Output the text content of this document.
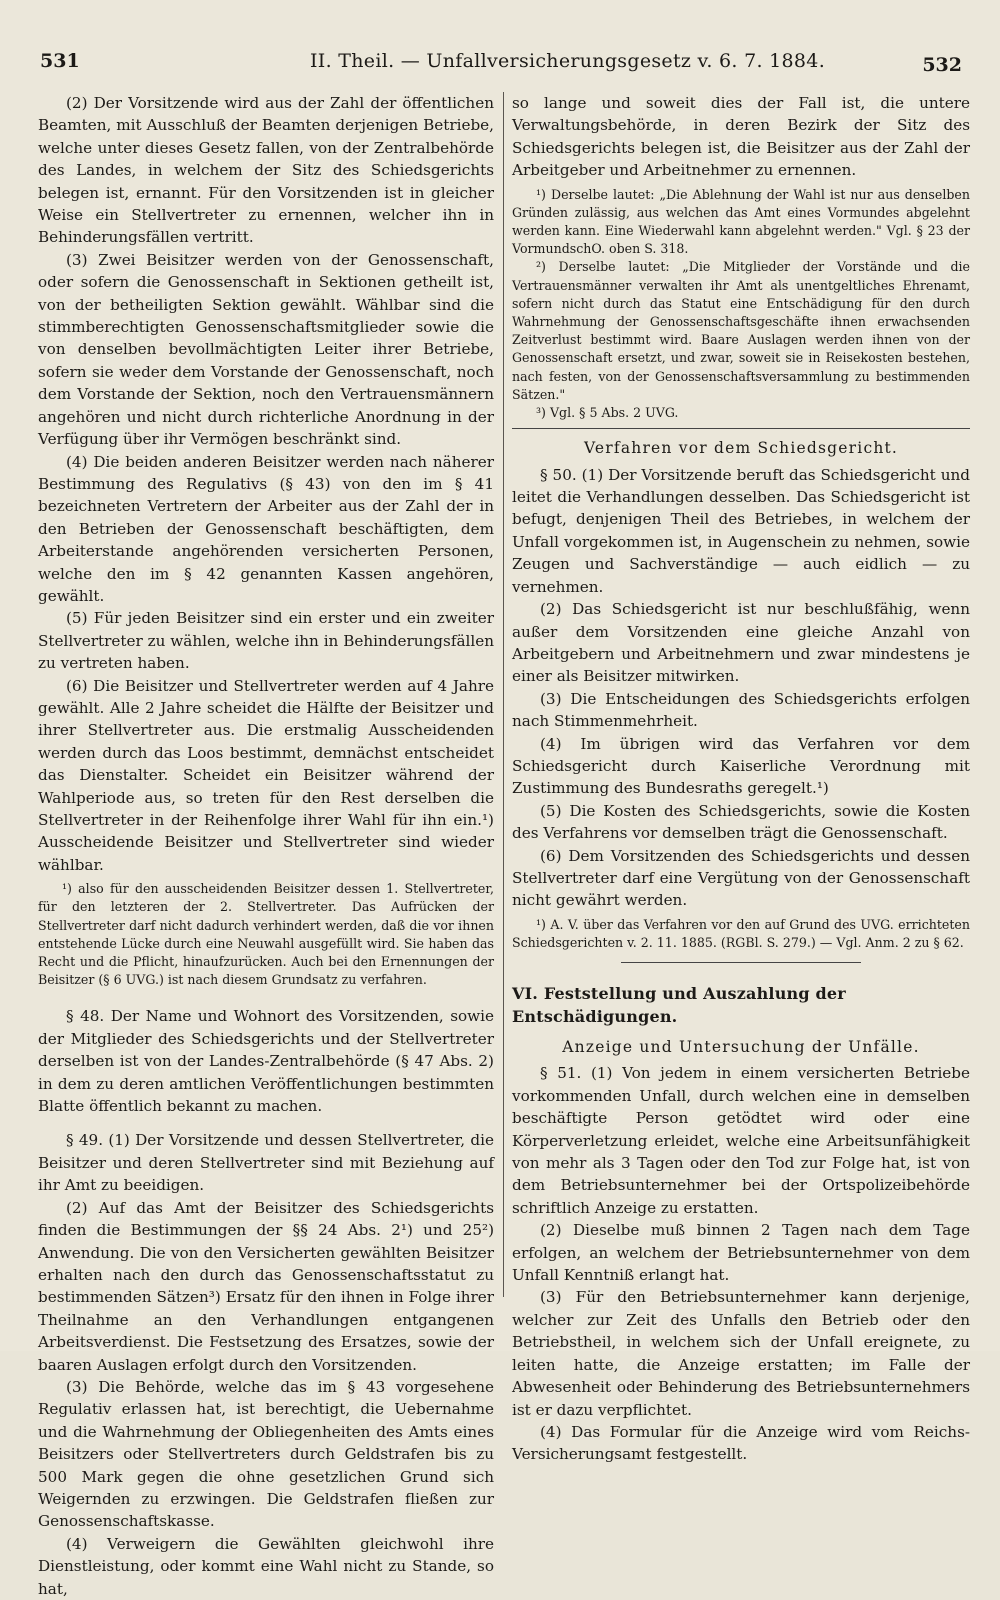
531	II. Theil. — Unfallversicherungsgesetz v. 6. 7. 1884.	532

(2) Der Vorsitzende wird aus der Zahl der öffentlichen Beamten, mit Ausschluß der Beamten derjenigen Betriebe, welche unter dieses Gesetz fallen, von der Zentralbehörde des Landes, in welchem der Sitz des Schiedsgerichts belegen ist, ernannt. Für den Vorsitzenden ist in gleicher Weise ein Stellvertreter zu ernennen, welcher ihn in Behinderungsfällen vertritt.

(3) Zwei Beisitzer werden von der Genossenschaft, oder sofern die Genossenschaft in Sektionen getheilt ist, von der betheiligten Sektion gewählt. Wählbar sind die stimmberechtigten Genossenschaftsmitglieder sowie die von denselben bevollmächtigten Leiter ihrer Betriebe, sofern sie weder dem Vorstande der Genossenschaft, noch dem Vorstande der Sektion, noch den Vertrauensmännern angehören und nicht durch richterliche Anordnung in der Verfügung über ihr Vermögen beschränkt sind.

(4) Die beiden anderen Beisitzer werden nach näherer Bestimmung des Regulativs (§ 43) von den im § 41 bezeichneten Vertretern der Arbeiter aus der Zahl der in den Betrieben der Genossenschaft beschäftigten, dem Arbeiterstande angehörenden versicherten Personen, welche den im § 42 genannten Kassen angehören, gewählt.

(5) Für jeden Beisitzer sind ein erster und ein zweiter Stellvertreter zu wählen, welche ihn in Behinderungsfällen zu vertreten haben.

(6) Die Beisitzer und Stellvertreter werden auf 4 Jahre gewählt. Alle 2 Jahre scheidet die Hälfte der Beisitzer und ihrer Stellvertreter aus. Die erstmalig Ausscheidenden werden durch das Loos bestimmt, demnächst entscheidet das Dienstalter. Scheidet ein Beisitzer während der Wahlperiode aus, so treten für den Rest derselben die Stellvertreter in der Reihenfolge ihrer Wahl für ihn ein.¹) Ausscheidende Beisitzer und Stellvertreter sind wieder wählbar.

¹) also für den ausscheidenden Beisitzer dessen 1. Stellvertreter, für den letzteren der 2. Stellvertreter. Das Aufrücken der Stellvertreter darf nicht dadurch verhindert werden, daß die vor ihnen entstehende Lücke durch eine Neuwahl ausgefüllt wird. Sie haben das Recht und die Pflicht, hinaufzurücken. Auch bei den Ernennungen der Beisitzer (§ 6 UVG.) ist nach diesem Grundsatz zu verfahren.

§ 48. Der Name und Wohnort des Vorsitzenden, sowie der Mitglieder des Schiedsgerichts und der Stellvertreter derselben ist von der Landes-Zentralbehörde (§ 47 Abs. 2) in dem zu deren amtlichen Veröffentlichungen bestimmten Blatte öffentlich bekannt zu machen.

§ 49. (1) Der Vorsitzende und dessen Stellvertreter, die Beisitzer und deren Stellvertreter sind mit Beziehung auf ihr Amt zu beeidigen.

(2) Auf das Amt der Beisitzer des Schiedsgerichts finden die Bestimmungen der §§ 24 Abs. 2¹) und 25²) Anwendung. Die von den Versicherten gewählten Beisitzer erhalten nach den durch das Genossenschaftsstatut zu bestimmenden Sätzen³) Ersatz für den ihnen in Folge ihrer Theilnahme an den Verhandlungen entgangenen Arbeitsverdienst. Die Festsetzung des Ersatzes, sowie der baaren Auslagen erfolgt durch den Vorsitzenden.

(3) Die Behörde, welche das im § 43 vorgesehene Regulativ erlassen hat, ist berechtigt, die Uebernahme und die Wahrnehmung der Obliegenheiten des Amts eines Beisitzers oder Stellvertreters durch Geldstrafen bis zu 500 Mark gegen die ohne gesetzlichen Grund sich Weigernden zu erzwingen. Die Geldstrafen fließen zur Genossenschaftskasse.

(4) Verweigern die Gewählten gleichwohl ihre Dienstleistung, oder kommt eine Wahl nicht zu Stande, so hat,

so lange und soweit dies der Fall ist, die untere Verwaltungsbehörde, in deren Bezirk der Sitz des Schiedsgerichts belegen ist, die Beisitzer aus der Zahl der Arbeitgeber und Arbeitnehmer zu ernennen.

¹) Derselbe lautet: „Die Ablehnung der Wahl ist nur aus denselben Gründen zulässig, aus welchen das Amt eines Vormundes abgelehnt werden kann. Eine Wiederwahl kann abgelehnt werden." Vgl. § 23 der VormundschO. oben S. 318.

²) Derselbe lautet: „Die Mitglieder der Vorstände und die Vertrauensmänner verwalten ihr Amt als unentgeltliches Ehrenamt, sofern nicht durch das Statut eine Entschädigung für den durch Wahrnehmung der Genossenschaftsgeschäfte ihnen erwachsenden Zeitverlust bestimmt wird. Baare Auslagen werden ihnen von der Genossenschaft ersetzt, und zwar, soweit sie in Reisekosten bestehen, nach festen, von der Genossenschaftsversammlung zu bestimmenden Sätzen."

³) Vgl. § 5 Abs. 2 UVG.

Verfahren vor dem Schiedsgericht.

§ 50. (1) Der Vorsitzende beruft das Schiedsgericht und leitet die Verhandlungen desselben. Das Schiedsgericht ist befugt, denjenigen Theil des Betriebes, in welchem der Unfall vorgekommen ist, in Augenschein zu nehmen, sowie Zeugen und Sachverständige — auch eidlich — zu vernehmen.

(2) Das Schiedsgericht ist nur beschlußfähig, wenn außer dem Vorsitzenden eine gleiche Anzahl von Arbeitgebern und Arbeitnehmern und zwar mindestens je einer als Beisitzer mitwirken.

(3) Die Entscheidungen des Schiedsgerichts erfolgen nach Stimmenmehrheit.

(4) Im übrigen wird das Verfahren vor dem Schiedsgericht durch Kaiserliche Verordnung mit Zustimmung des Bundesraths geregelt.¹)

(5) Die Kosten des Schiedsgerichts, sowie die Kosten des Verfahrens vor demselben trägt die Genossenschaft.

(6) Dem Vorsitzenden des Schiedsgerichts und dessen Stellvertreter darf eine Vergütung von der Genossenschaft nicht gewährt werden.

¹) A. V. über das Verfahren vor den auf Grund des UVG. errichteten Schiedsgerichten v. 2. 11. 1885. (RGBl. S. 279.) — Vgl. Anm. 2 zu § 62.

VI. Feststellung und Auszahlung der Entschädigungen.

Anzeige und Untersuchung der Unfälle.

§ 51. (1) Von jedem in einem versicherten Betriebe vorkommenden Unfall, durch welchen eine in demselben beschäftigte Person getödtet wird oder eine Körperverletzung erleidet, welche eine Arbeitsunfähigkeit von mehr als 3 Tagen oder den Tod zur Folge hat, ist von dem Betriebsunternehmer bei der Ortspolizeibehörde schriftlich Anzeige zu erstatten.

(2) Dieselbe muß binnen 2 Tagen nach dem Tage erfolgen, an welchem der Betriebsunternehmer von dem Unfall Kenntniß erlangt hat.

(3) Für den Betriebsunternehmer kann derjenige, welcher zur Zeit des Unfalls den Betrieb oder den Betriebstheil, in welchem sich der Unfall ereignete, zu leiten hatte, die Anzeige erstatten; im Falle der Abwesenheit oder Behinderung des Betriebsunternehmers ist er dazu verpflichtet.

(4) Das Formular für die Anzeige wird vom Reichs-Versicherungsamt festgestellt.
